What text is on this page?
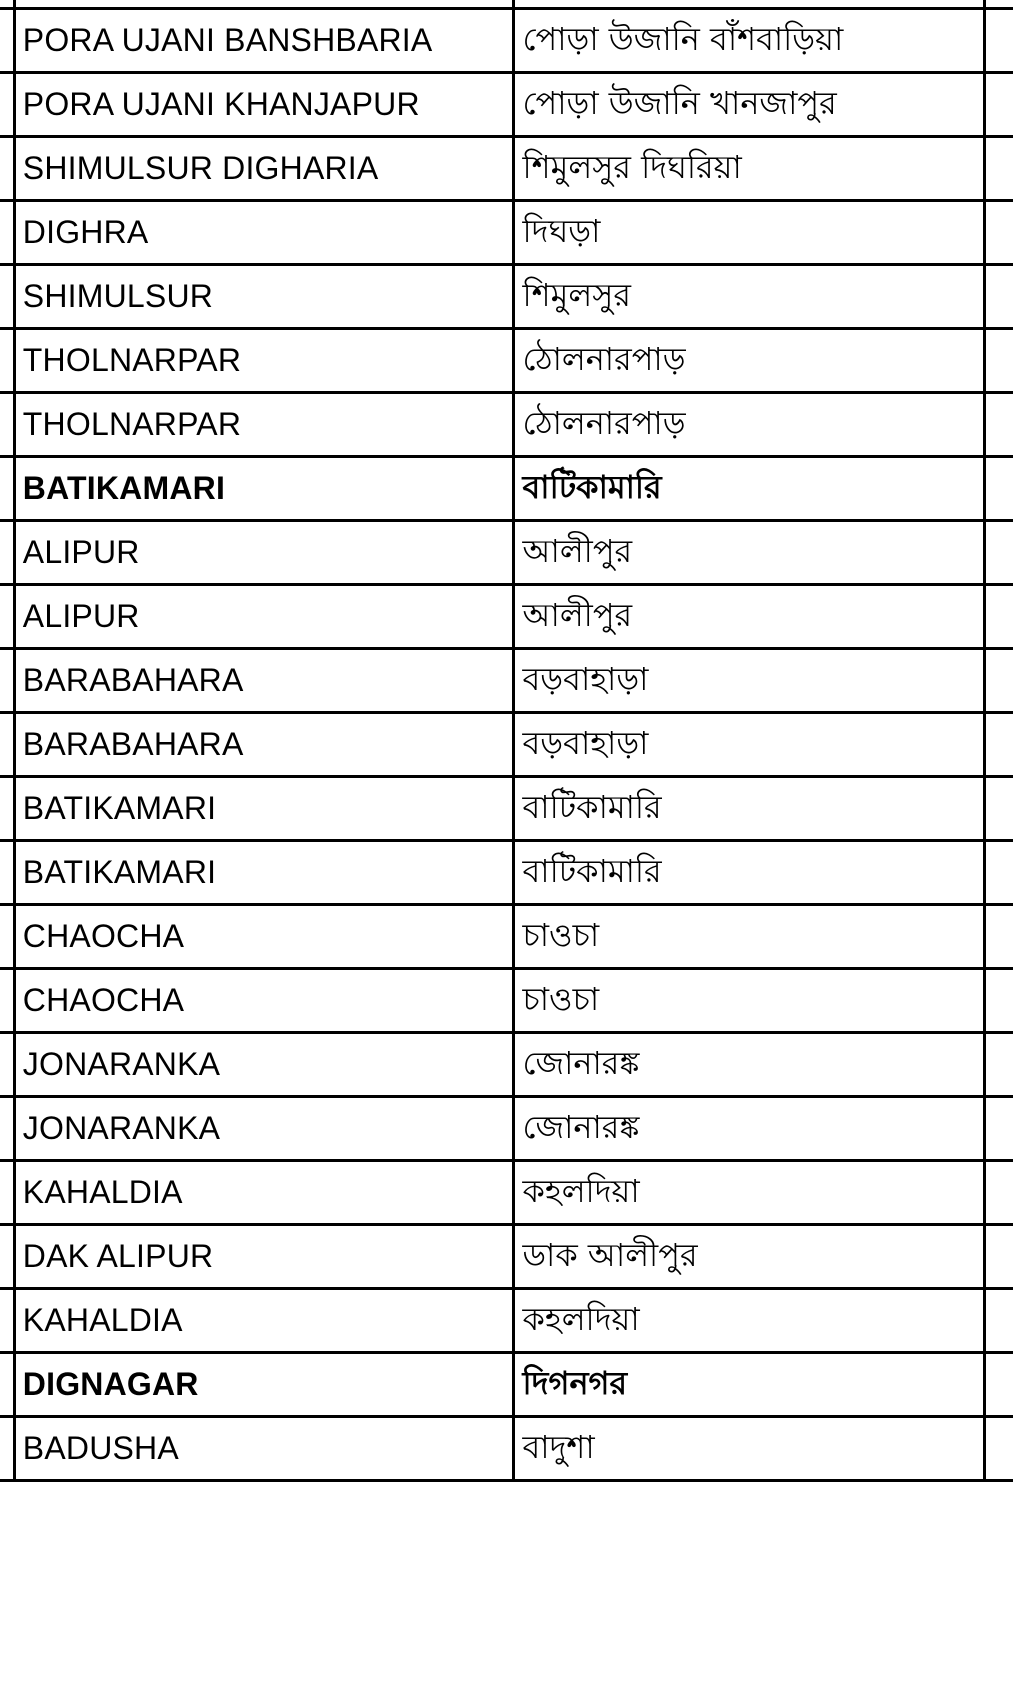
	PORA UJANI BANSHBARIA	পোড়া উজানি বাঁশবাড়িয়া	
	PORA UJANI KHANJAPUR	পোড়া উজানি খানজাপুর	
	SHIMULSUR DIGHARIA	শিমুলসুর দিঘরিয়া	
	DIGHRA	দিঘড়া	
	SHIMULSUR	শিমুলসুর	
	THOLNARPAR	ঠোলনারপাড়	
	THOLNARPAR	ঠোলনারপাড়	
	BATIKAMARI	বাটিকামারি	
	ALIPUR	আলীপুর	
	ALIPUR	আলীপুর	
	BARABAHARA	বড়বাহাড়া	
	BARABAHARA	বড়বাহাড়া	
	BATIKAMARI	বাটিকামারি	
	BATIKAMARI	বাটিকামারি	
	CHAOCHA	চাওচা	
	CHAOCHA	চাওচা	
	JONARANKA	জোনারঙ্ক	
	JONARANKA	জোনারঙ্ক	
	KAHALDIA	কহলদিয়া	
	DAK ALIPUR	ডাক আলীপুর	
	KAHALDIA	কহলদিয়া	
	DIGNAGAR	দিগনগর	
	BADUSHA	বাদুশা	
